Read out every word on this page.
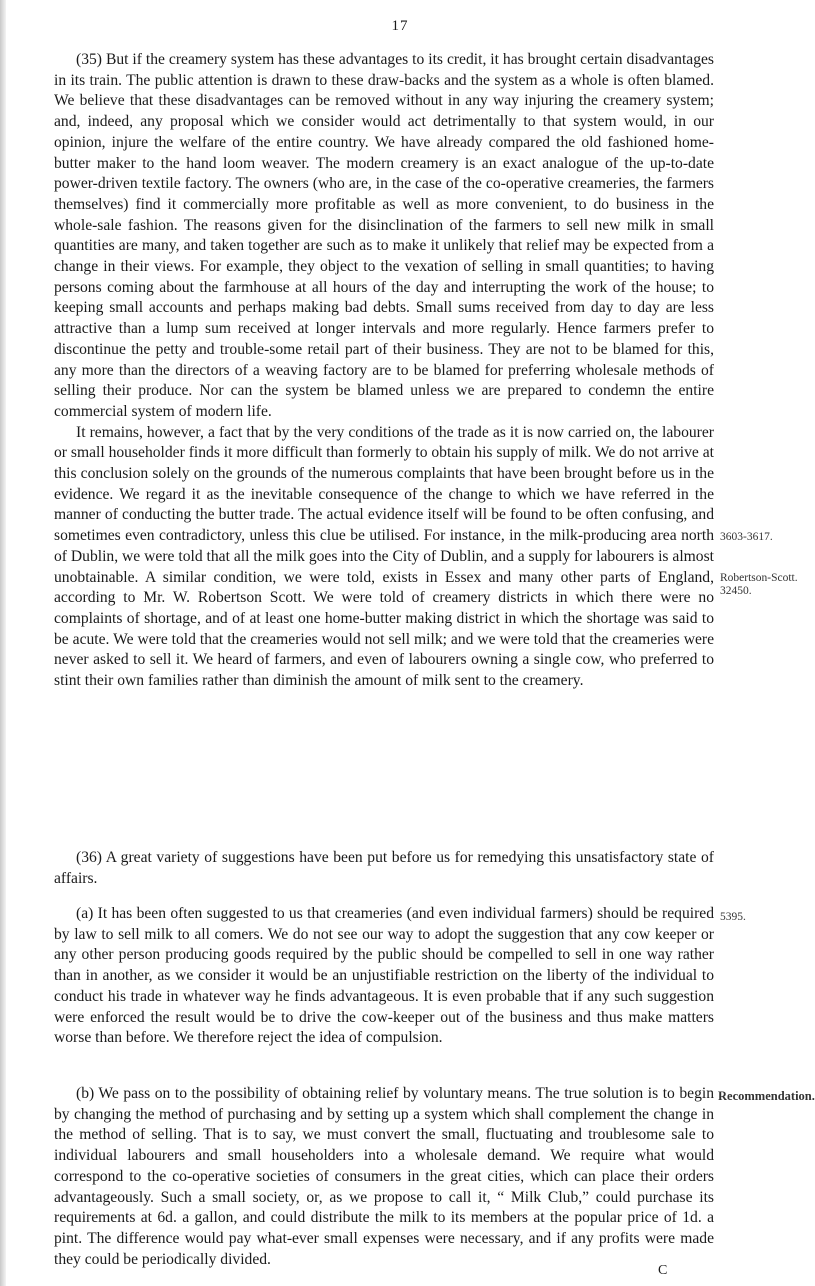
17

(35) But if the creamery system has these advantages to its credit, it has brought certain disadvantages in its train. The public attention is drawn to these draw-backs and the system as a whole is often blamed. We believe that these disadvantages can be removed without in any way injuring the creamery system; and, indeed, any proposal which we consider would act detrimentally to that system would, in our opinion, injure the welfare of the entire country. We have already compared the old fashioned home-butter maker to the hand loom weaver. The modern creamery is an exact analogue of the up-to-date power-driven textile factory. The owners (who are, in the case of the co-operative creameries, the farmers themselves) find it commercially more profitable as well as more convenient, to do business in the whole-sale fashion. The reasons given for the disinclination of the farmers to sell new milk in small quantities are many, and taken together are such as to make it unlikely that relief may be expected from a change in their views. For example, they object to the vexation of selling in small quantities; to having persons coming about the farmhouse at all hours of the day and interrupting the work of the house; to keeping small accounts and perhaps making bad debts. Small sums received from day to day are less attractive than a lump sum received at longer intervals and more regularly. Hence farmers prefer to discontinue the petty and trouble-some retail part of their business. They are not to be blamed for this, any more than the directors of a weaving factory are to be blamed for preferring wholesale methods of selling their produce. Nor can the system be blamed unless we are prepared to condemn the entire commercial system of modern life.

It remains, however, a fact that by the very conditions of the trade as it is now carried on, the labourer or small householder finds it more difficult than formerly to obtain his supply of milk. We do not arrive at this conclusion solely on the grounds of the numerous complaints that have been brought before us in the evidence. We regard it as the inevitable consequence of the change to which we have referred in the manner of conducting the butter trade. The actual evidence itself will be found to be often confusing, and sometimes even contradictory, unless this clue be utilised. For instance, in the milk-producing area north of Dublin, we were told that all the milk goes into the City of Dublin, and a supply for labourers is almost unobtainable. A similar condition, we were told, exists in Essex and many other parts of England, according to Mr. W. Robertson Scott. We were told of creamery districts in which there were no complaints of shortage, and of at least one home-butter making district in which the shortage was said to be acute. We were told that the creameries would not sell milk; and we were told that the creameries were never asked to sell it. We heard of farmers, and even of labourers owning a single cow, who preferred to stint their own families rather than diminish the amount of milk sent to the creamery.

(36) A great variety of suggestions have been put before us for remedying this unsatisfactory state of affairs.

(a) It has been often suggested to us that creameries (and even individual farmers) should be required by law to sell milk to all comers. We do not see our way to adopt the suggestion that any cow keeper or any other person producing goods required by the public should be compelled to sell in one way rather than in another, as we consider it would be an unjustifiable restriction on the liberty of the individual to conduct his trade in whatever way he finds advantageous. It is even probable that if any such suggestion were enforced the result would be to drive the cow-keeper out of the business and thus make matters worse than before. We therefore reject the idea of compulsion.

(b) We pass on to the possibility of obtaining relief by voluntary means. The true solution is to begin by changing the method of purchasing and by setting up a system which shall complement the change in the method of selling. That is to say, we must convert the small, fluctuating and troublesome sale to individual labourers and small householders into a wholesale demand. We require what would correspond to the co-operative societies of consumers in the great cities, which can place their orders advantageously. Such a small society, or, as we propose to call it, “ Milk Club,” could purchase its requirements at 6d. a gallon, and could distribute the milk to its members at the popular price of 1d. a pint. The difference would pay what-ever small expenses were necessary, and if any profits were made they could be periodically divided.

3603-3617.
Robertson-Scott.
32450.
5395.
Recommendation.
C
